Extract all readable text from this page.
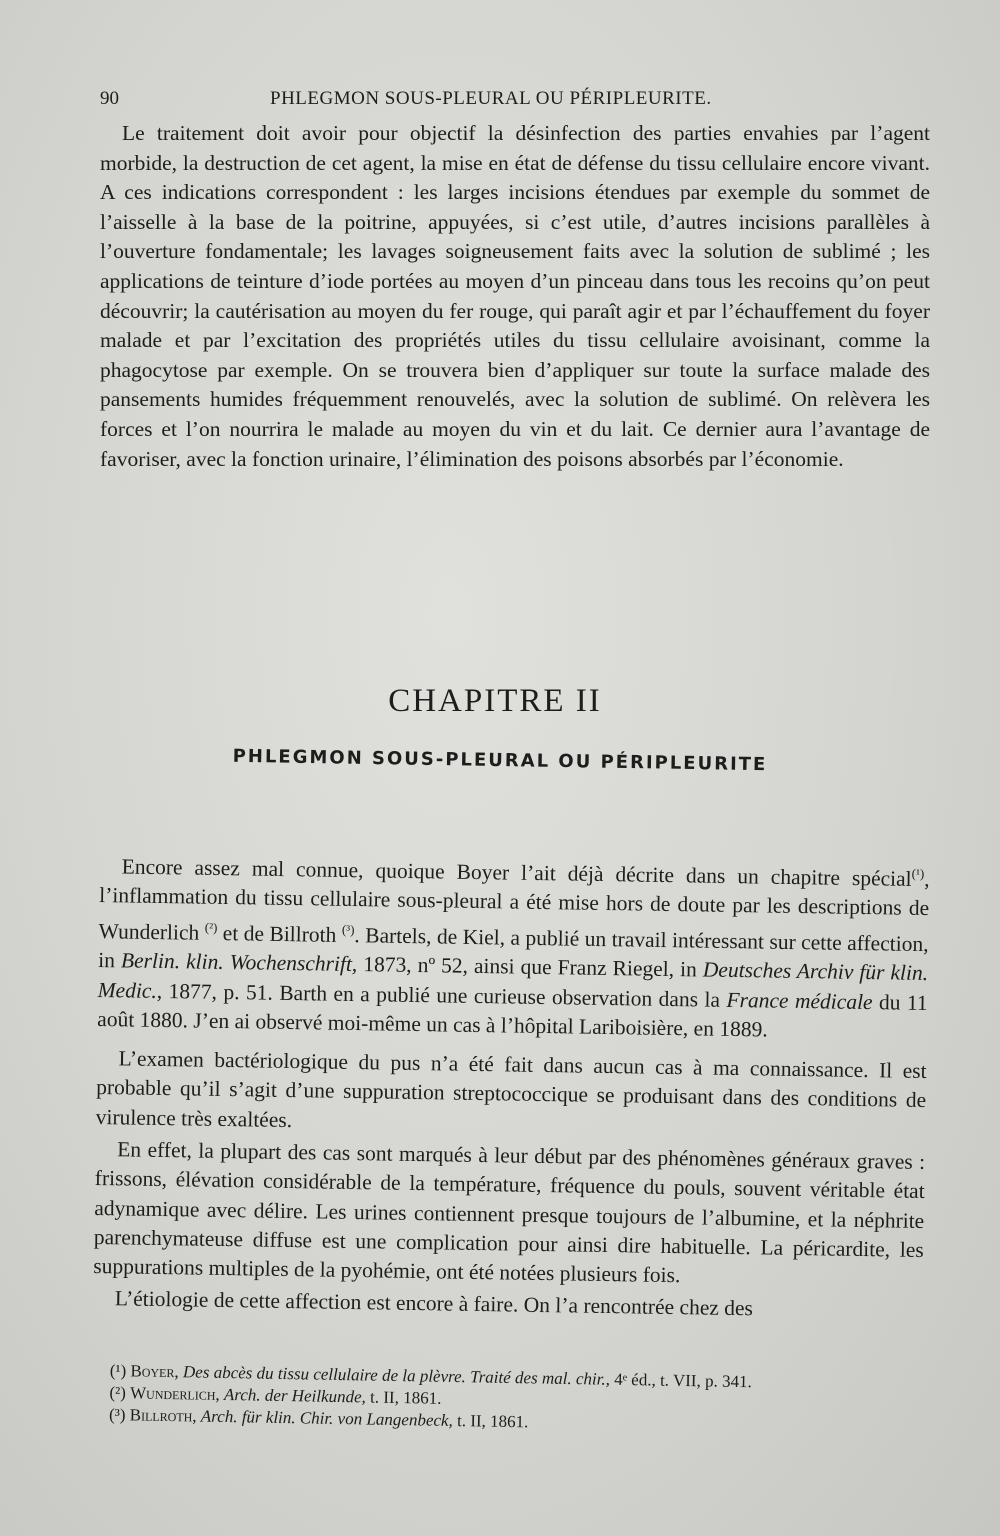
90	PHLEGMON SOUS-PLEURAL OU PÉRIPLEURITE.

Le traitement doit avoir pour objectif la désinfection des parties envahies par l’agent morbide, la destruction de cet agent, la mise en état de défense du tissu cellulaire encore vivant. A ces indications correspondent : les larges incisions étendues par exemple du sommet de l’aisselle à la base de la poitrine, appuyées, si c’est utile, d’autres incisions parallèles à l’ouverture fondamentale; les lavages soigneusement faits avec la solution de sublimé ; les applications de teinture d’iode portées au moyen d’un pinceau dans tous les recoins qu’on peut découvrir; la cautérisation au moyen du fer rouge, qui paraît agir et par l’échauffement du foyer malade et par l’excitation des propriétés utiles du tissu cellulaire avoisinant, comme la phagocytose par exemple. On se trouvera bien d’appliquer sur toute la surface malade des pansements humides fréquemment renouvelés, avec la solution de sublimé. On relèvera les forces et l’on nourrira le malade au moyen du vin et du lait. Ce dernier aura l’avantage de favoriser, avec la fonction urinaire, l’élimination des poisons absorbés par l’économie.

CHAPITRE II
PHLEGMON SOUS-PLEURAL OU PÉRIPLEURITE

Encore assez mal connue, quoique Boyer l’ait déjà décrite dans un chapitre spécial$^{(^1)}$, l’inflammation du tissu cellulaire sous-pleural a été mise hors de doute par les descriptions de Wunderlich $^{(^2)}$ et de Billroth $^{(^3)}$. Bartels, de Kiel, a publié un travail intéressant sur cette affection, in Berlin. klin. Wochenschrift, 1873, nº 52, ainsi que Franz Riegel, in Deutsches Archiv für klin. Medic., 1877, p. 51. Barth en a publié une curieuse observation dans la France médicale du 11 août 1880. J’en ai observé moi-même un cas à l’hôpital Lariboisière, en 1889.

L’examen bactériologique du pus n’a été fait dans aucun cas à ma connaissance. Il est probable qu’il s’agit d’une suppuration streptococcique se produisant dans des conditions de virulence très exaltées.

En effet, la plupart des cas sont marqués à leur début par des phénomènes généraux graves : frissons, élévation considérable de la température, fréquence du pouls, souvent véritable état adynamique avec délire. Les urines contiennent presque toujours de l’albumine, et la néphrite parenchymateuse diffuse est une complication pour ainsi dire habituelle. La péricardite, les suppurations multiples de la pyohémie, ont été notées plusieurs fois.

L’étiologie de cette affection est encore à faire. On l’a rencontrée chez des

(¹) Boyer, Des abcès du tissu cellulaire de la plèvre. Traité des mal. chir., 4ᵉ éd., t. VII, p. 341.

(²) Wunderlich, Arch. der Heilkunde, t. II, 1861.

(³) Billroth, Arch. für klin. Chir. von Langenbeck, t. II, 1861.
